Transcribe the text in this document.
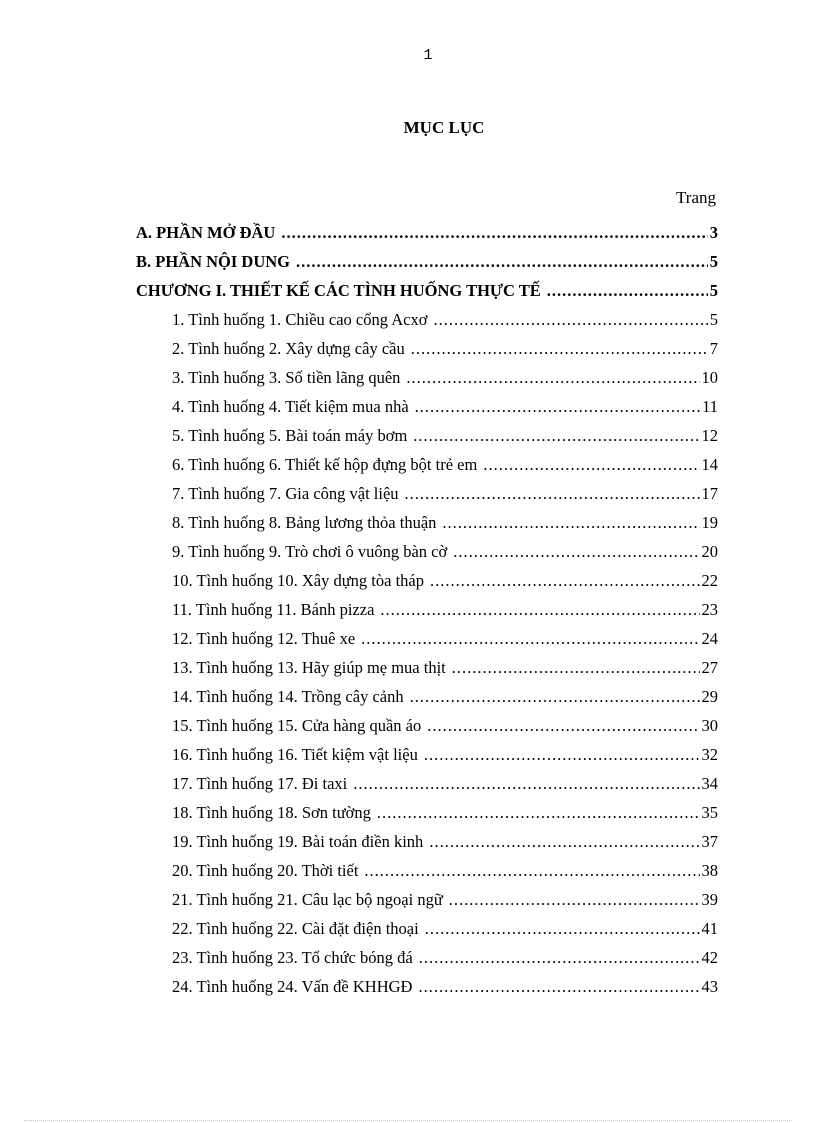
1
MỤC LỤC
Trang
A. PHẦN MỞ ĐẦU .....	3
B. PHẦN NỘI DUNG .....	5
CHƯƠNG I. THIẾT KẾ CÁC TÌNH HUỐNG THỰC TẾ .....	5
1. Tình huống 1. Chiều cao cổng Acxơ .....	5
2. Tình huống 2. Xây dựng cây cầu .....	7
3. Tình huống 3. Số tiền lãng quên .....	10
4. Tình huống 4. Tiết kiệm mua nhà .....	11
5. Tình huống 5. Bài toán máy bơm .....	12
6. Tình huống 6. Thiết kế hộp đựng bột trẻ em .....	14
7. Tình huống 7. Gia công vật liệu .....	17
8. Tình huống 8. Bảng lương thỏa thuận .....	19
9. Tình huống 9. Trò chơi ô vuông bàn cờ .....	20
10. Tình huống 10. Xây dựng tòa tháp .....	22
11. Tình huống 11. Bánh pizza .....	23
12. Tình huống 12. Thuê xe .....	24
13. Tình huống 13. Hãy giúp mẹ mua thịt .....	27
14. Tình huống 14. Trồng cây cảnh .....	29
15. Tình huống 15. Cửa hàng quần áo .....	30
16. Tình huống 16. Tiết kiệm vật liệu .....	32
17. Tình huống 17. Đi taxi .....	34
18. Tình huống 18. Sơn tường .....	35
19. Tình huống 19. Bài toán điền kinh .....	37
20. Tình huống 20. Thời tiết .....	38
21. Tình huống 21. Câu lạc bộ ngoại ngữ .....	39
22. Tình huống 22. Cài đặt điện thoại .....	41
23. Tình huống 23. Tổ chức bóng đá .....	42
24. Tình huống 24. Vấn đề KHHGĐ .....	43
